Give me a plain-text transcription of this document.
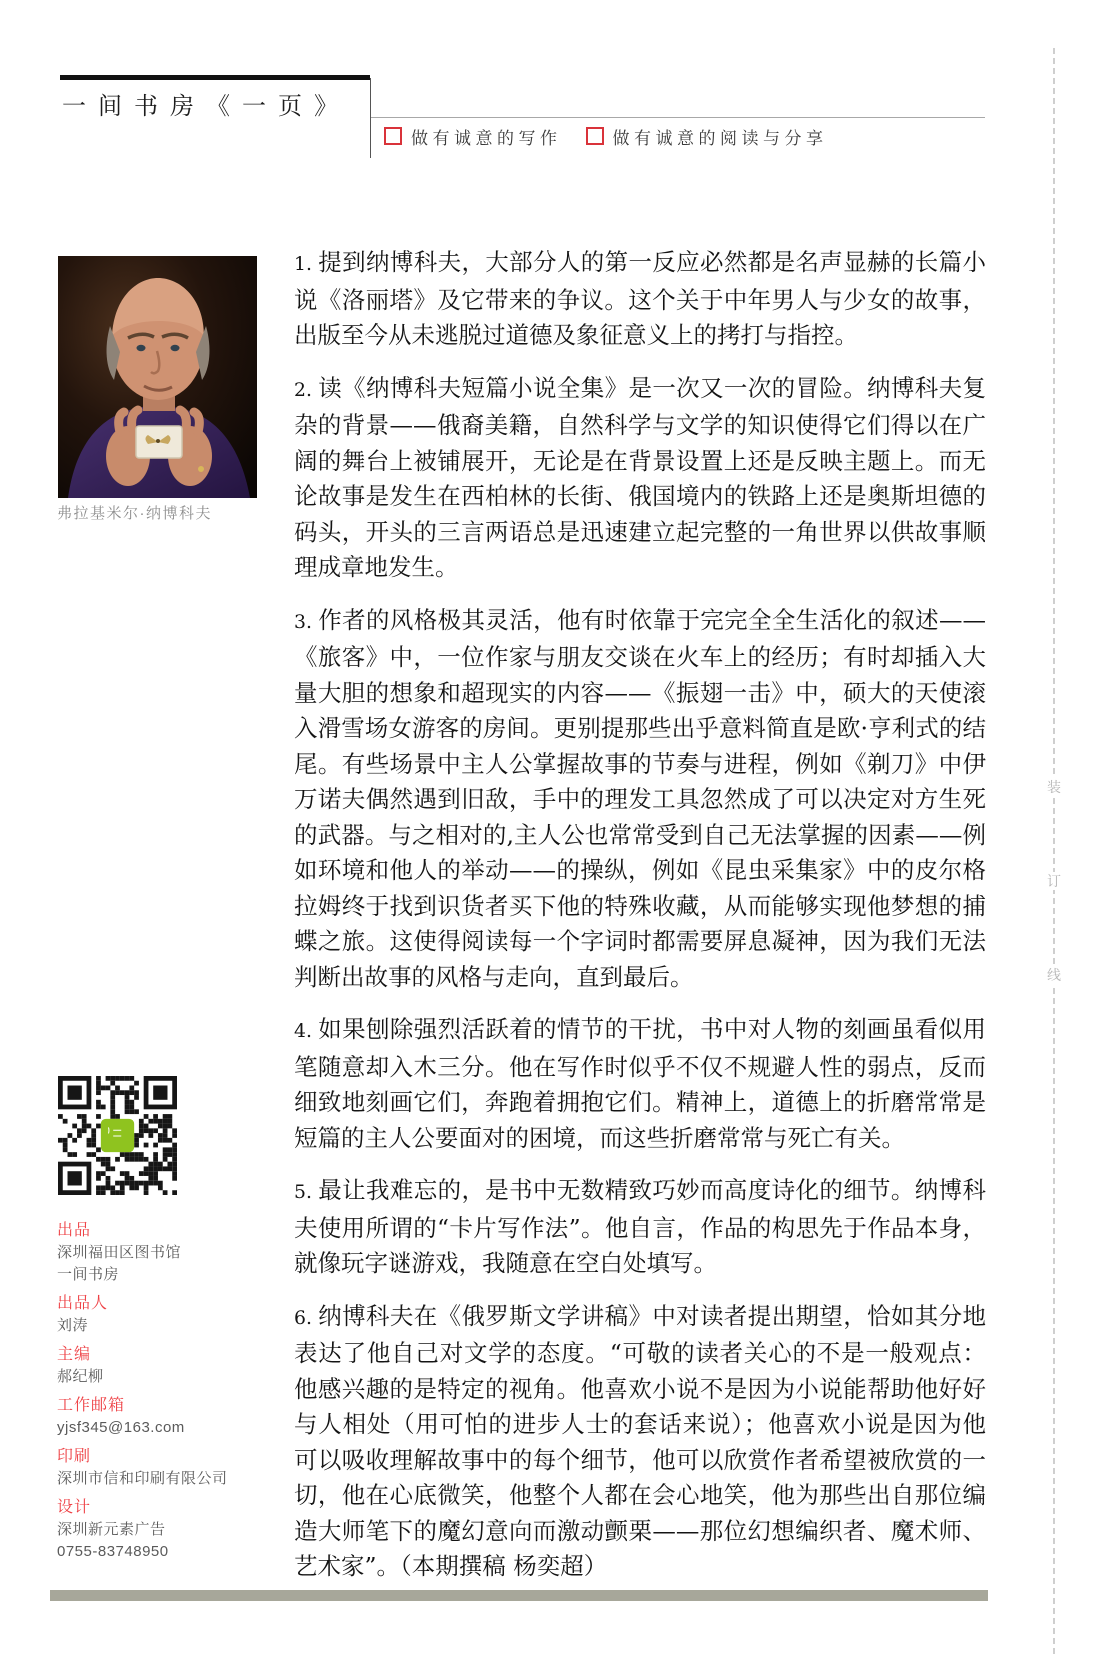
一间书房《一页》
做有诚意的写作	做有诚意的阅读与分享
弗拉基米尔·纳博科夫

1. 提到纳博科夫，大部分人的第一反应必然都是名声显赫的长篇小说《洛丽塔》及它带来的争议。这个关于中年男人与少女的故事，出版至今从未逃脱过道德及象征意义上的拷打与指控。

2. 读《纳博科夫短篇小说全集》是一次又一次的冒险。纳博科夫复杂的背景——俄裔美籍，自然科学与文学的知识使得它们得以在广阔的舞台上被铺展开，无论是在背景设置上还是反映主题上。而无论故事是发生在西柏林的长街、俄国境内的铁路上还是奥斯坦德的码头，开头的三言两语总是迅速建立起完整的一角世界以供故事顺理成章地发生。

3. 作者的风格极其灵活，他有时依靠于完完全全生活化的叙述——《旅客》中，一位作家与朋友交谈在火车上的经历；有时却插入大量大胆的想象和超现实的内容——《振翅一击》中，硕大的天使滚入滑雪场女游客的房间。更别提那些出乎意料简直是欧·亨利式的结尾。有些场景中主人公掌握故事的节奏与进程，例如《剃刀》中伊万诺夫偶然遇到旧敌，手中的理发工具忽然成了可以决定对方生死的武器。与之相对的,主人公也常常受到自己无法掌握的因素——例如环境和他人的举动——的操纵，例如《昆虫采集家》中的皮尔格拉姆终于找到识货者买下他的特殊收藏，从而能够实现他梦想的捕蝶之旅。这使得阅读每一个字词时都需要屏息凝神，因为我们无法判断出故事的风格与走向，直到最后。

4. 如果刨除强烈活跃着的情节的干扰，书中对人物的刻画虽看似用笔随意却入木三分。他在写作时似乎不仅不规避人性的弱点，反而细致地刻画它们，奔跑着拥抱它们。精神上，道德上的折磨常常是短篇的主人公要面对的困境，而这些折磨常常与死亡有关。

5. 最让我难忘的，是书中无数精致巧妙而高度诗化的细节。纳博科夫使用所谓的“卡片写作法”。他自言，作品的构思先于作品本身，就像玩字谜游戏，我随意在空白处填写。

6. 纳博科夫在《俄罗斯文学讲稿》中对读者提出期望，恰如其分地表达了他自己对文学的态度。“可敬的读者关心的不是一般观点：他感兴趣的是特定的视角。他喜欢小说不是因为小说能帮助他好好与人相处（用可怕的进步人士的套话来说）；他喜欢小说是因为他可以吸收理解故事中的每个细节，他可以欣赏作者希望被欣赏的一切，他在心底微笑，他整个人都在会心地笑，他为那些出自那位编造大师笔下的魔幻意向而激动颤栗——那位幻想编织者、魔术师、艺术家”。（本期撰稿 杨奕超）

出品
深圳福田区图书馆
一间书房
出品人
刘涛
主编
郝纪柳
工作邮箱
yjsf345@163.com
印刷
深圳市信和印刷有限公司
设计
深圳新元素广告
0755-83748950
装
订
线
